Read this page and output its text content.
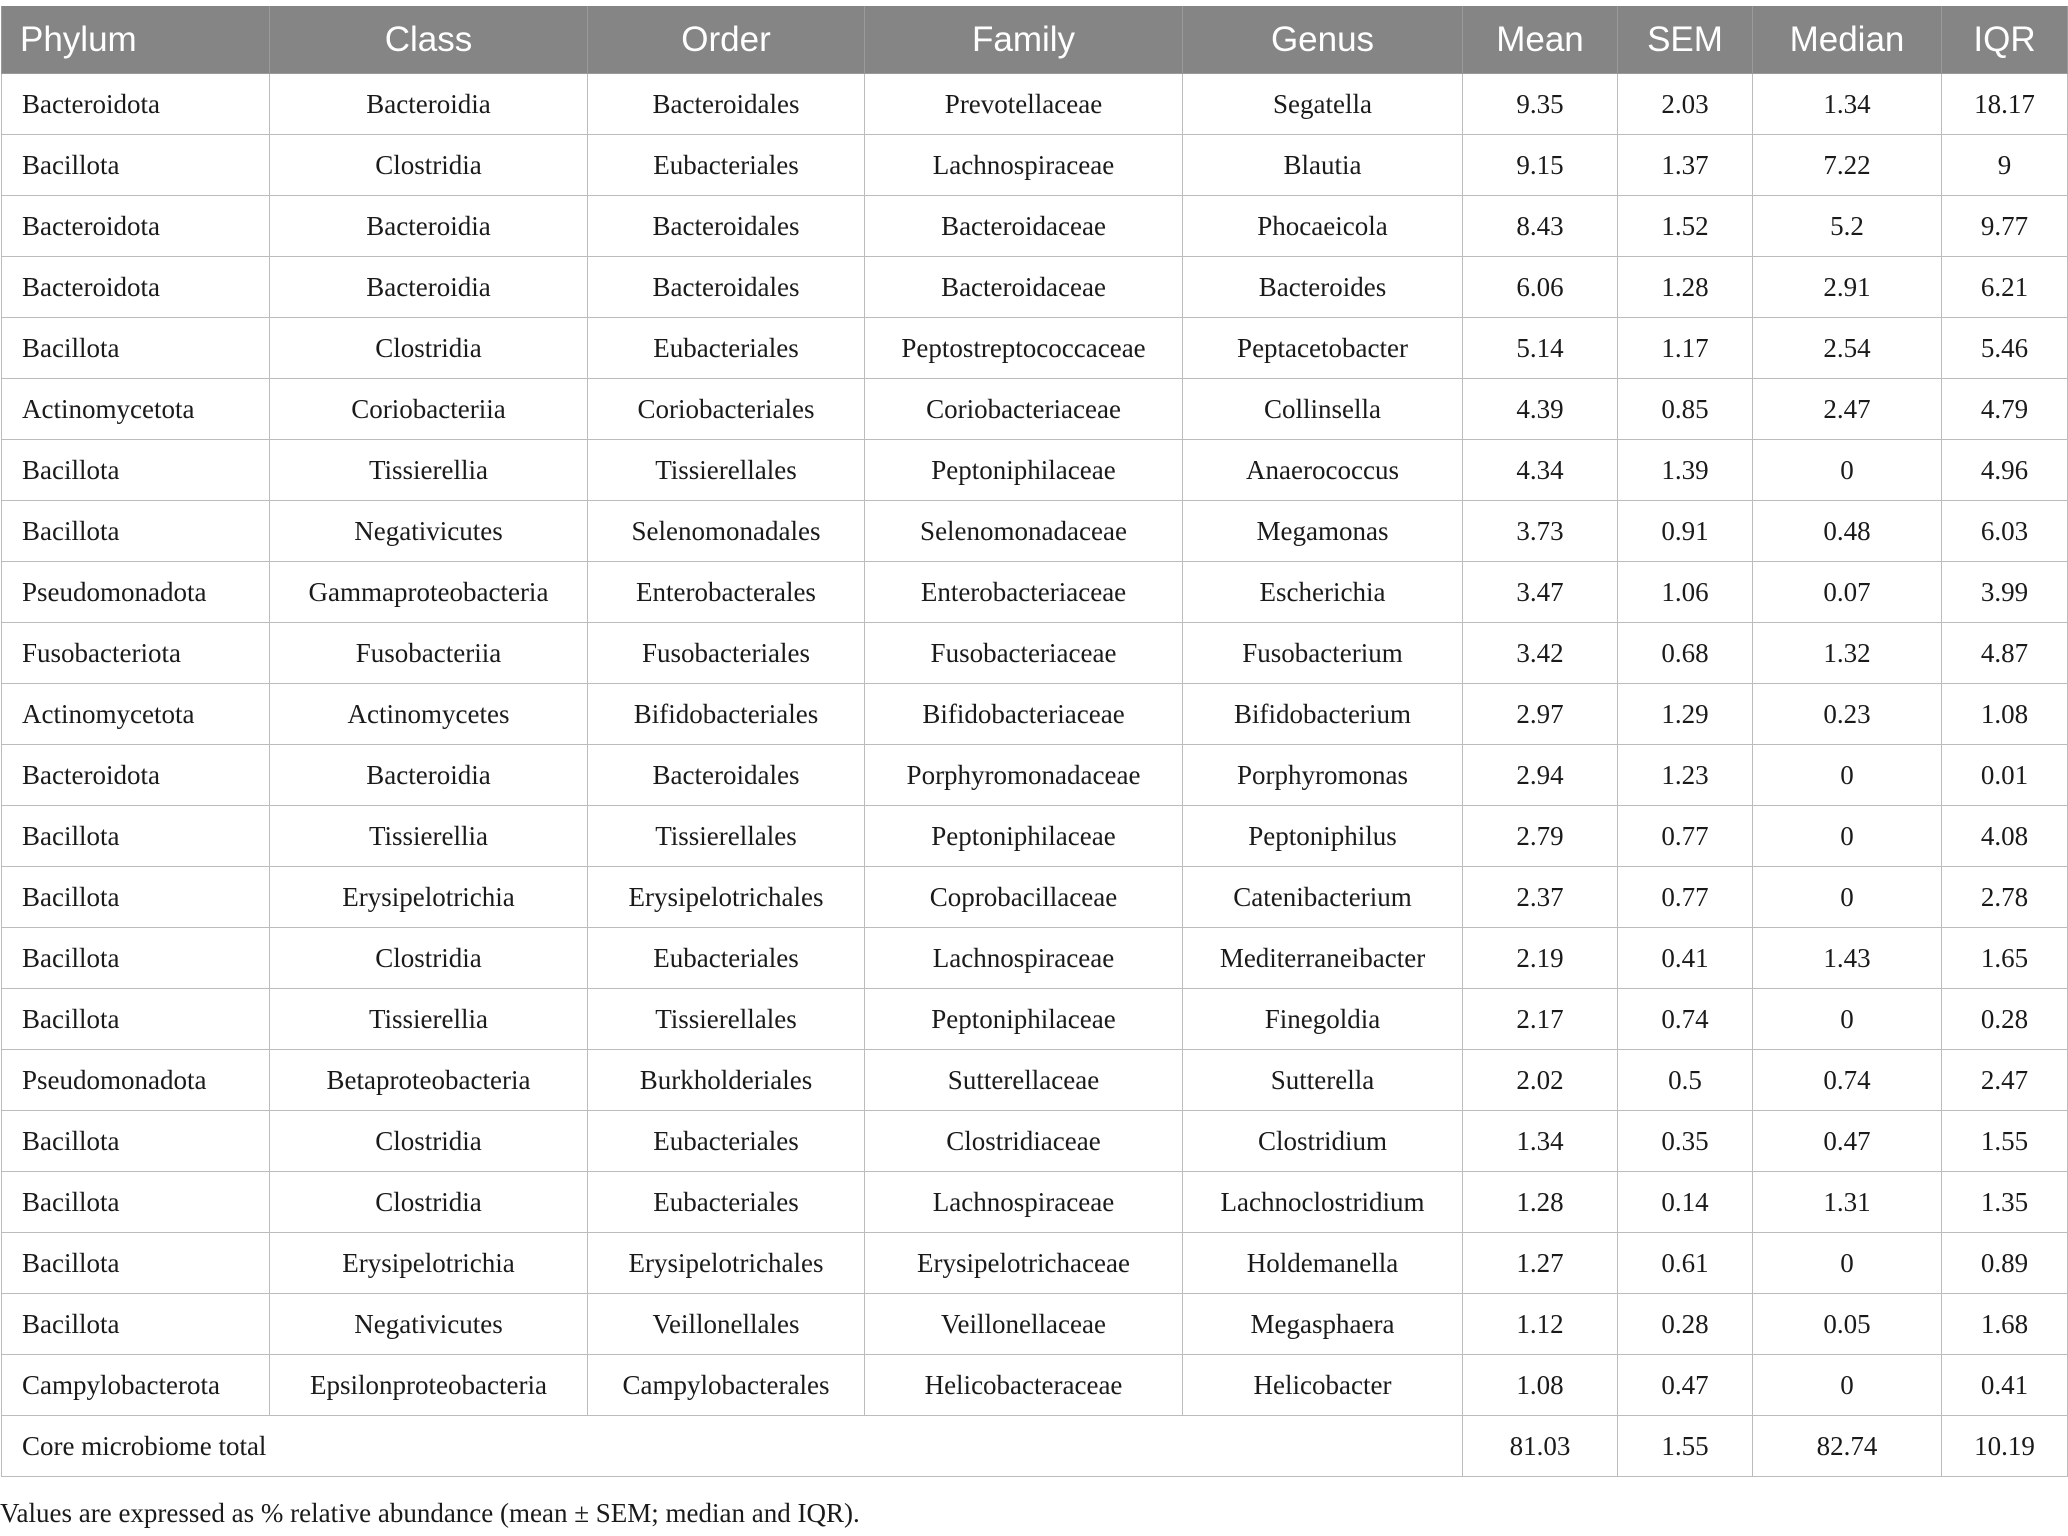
Phylum	Class	Order	Family	Genus	Mean	SEM	Median	IQR
Bacteroidota	Bacteroidia	Bacteroidales	Prevotellaceae	Segatella	9.35	2.03	1.34	18.17
Bacillota	Clostridia	Eubacteriales	Lachnospiraceae	Blautia	9.15	1.37	7.22	9
Bacteroidota	Bacteroidia	Bacteroidales	Bacteroidaceae	Phocaeicola	8.43	1.52	5.2	9.77
Bacteroidota	Bacteroidia	Bacteroidales	Bacteroidaceae	Bacteroides	6.06	1.28	2.91	6.21
Bacillota	Clostridia	Eubacteriales	Peptostreptococcaceae	Peptacetobacter	5.14	1.17	2.54	5.46
Actinomycetota	Coriobacteriia	Coriobacteriales	Coriobacteriaceae	Collinsella	4.39	0.85	2.47	4.79
Bacillota	Tissierellia	Tissierellales	Peptoniphilaceae	Anaerococcus	4.34	1.39	0	4.96
Bacillota	Negativicutes	Selenomonadales	Selenomonadaceae	Megamonas	3.73	0.91	0.48	6.03
Pseudomonadota	Gammaproteobacteria	Enterobacterales	Enterobacteriaceae	Escherichia	3.47	1.06	0.07	3.99
Fusobacteriota	Fusobacteriia	Fusobacteriales	Fusobacteriaceae	Fusobacterium	3.42	0.68	1.32	4.87
Actinomycetota	Actinomycetes	Bifidobacteriales	Bifidobacteriaceae	Bifidobacterium	2.97	1.29	0.23	1.08
Bacteroidota	Bacteroidia	Bacteroidales	Porphyromonadaceae	Porphyromonas	2.94	1.23	0	0.01
Bacillota	Tissierellia	Tissierellales	Peptoniphilaceae	Peptoniphilus	2.79	0.77	0	4.08
Bacillota	Erysipelotrichia	Erysipelotrichales	Coprobacillaceae	Catenibacterium	2.37	0.77	0	2.78
Bacillota	Clostridia	Eubacteriales	Lachnospiraceae	Mediterraneibacter	2.19	0.41	1.43	1.65
Bacillota	Tissierellia	Tissierellales	Peptoniphilaceae	Finegoldia	2.17	0.74	0	0.28
Pseudomonadota	Betaproteobacteria	Burkholderiales	Sutterellaceae	Sutterella	2.02	0.5	0.74	2.47
Bacillota	Clostridia	Eubacteriales	Clostridiaceae	Clostridium	1.34	0.35	0.47	1.55
Bacillota	Clostridia	Eubacteriales	Lachnospiraceae	Lachnoclostridium	1.28	0.14	1.31	1.35
Bacillota	Erysipelotrichia	Erysipelotrichales	Erysipelotrichaceae	Holdemanella	1.27	0.61	0	0.89
Bacillota	Negativicutes	Veillonellales	Veillonellaceae	Megasphaera	1.12	0.28	0.05	1.68
Campylobacterota	Epsilonproteobacteria	Campylobacterales	Helicobacteraceae	Helicobacter	1.08	0.47	0	0.41
Core microbiome total					81.03	1.55	82.74	10.19
Values are expressed as % relative abundance (mean ± SEM; median and IQR).
